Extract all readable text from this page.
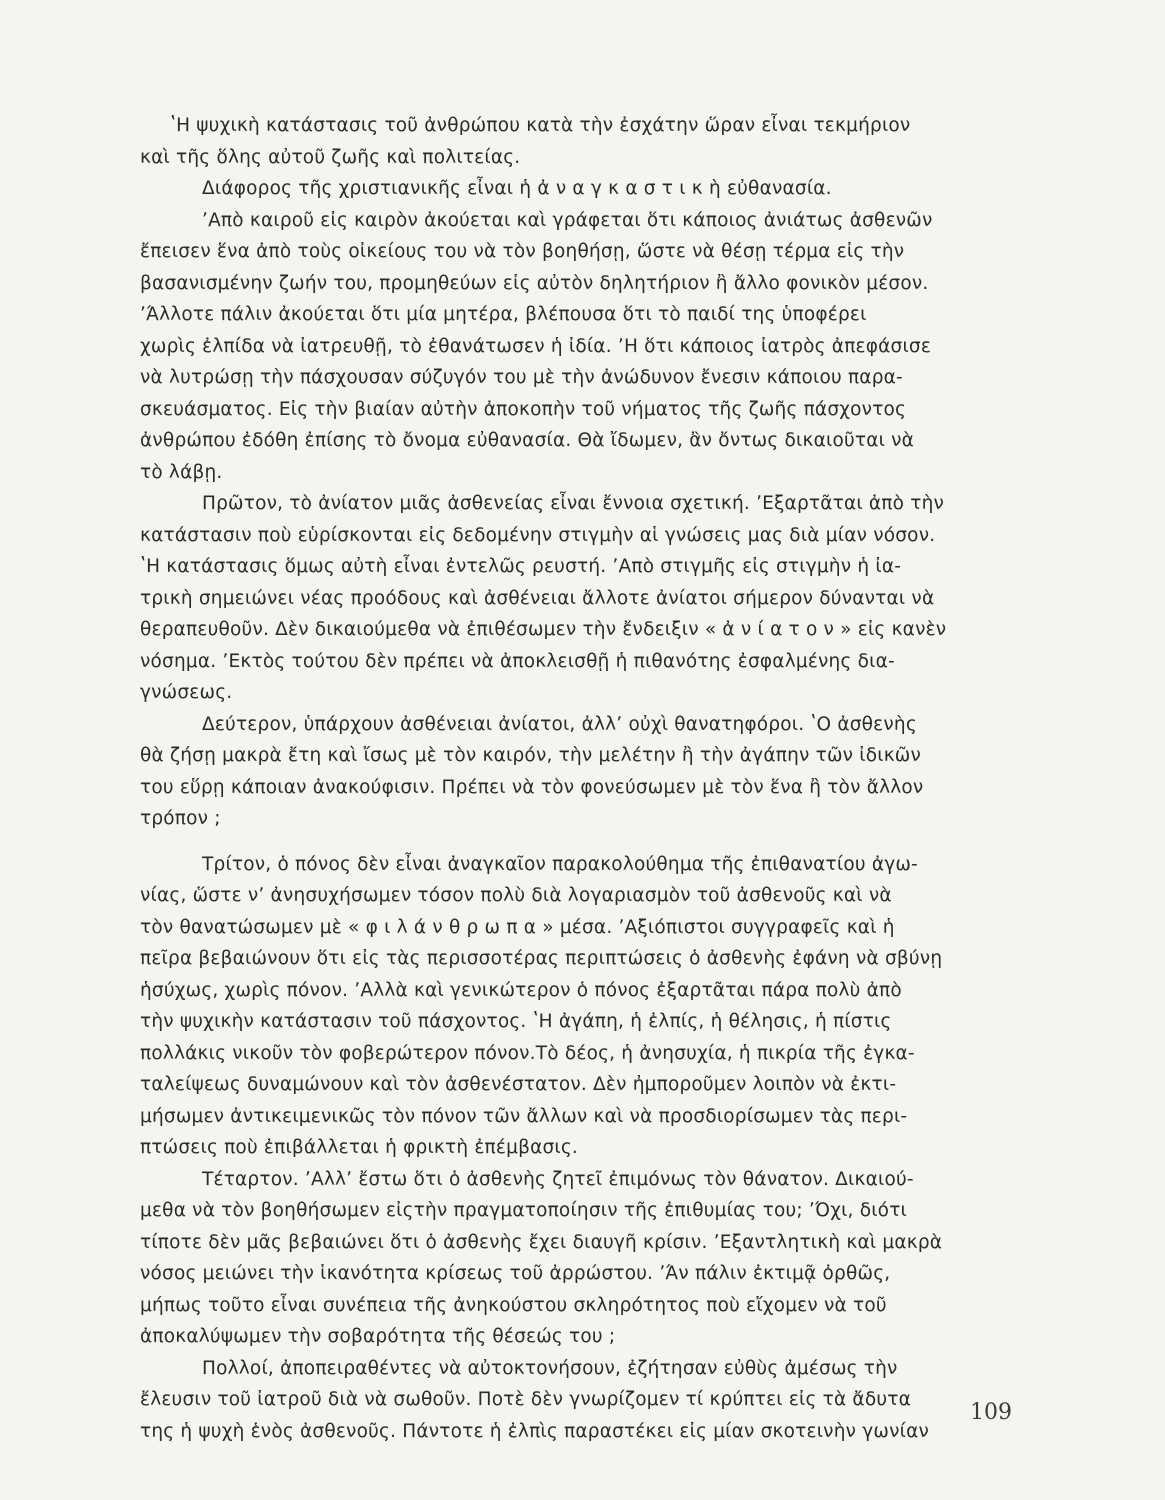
ʽΗ ψυχικὴ κατάστασις τοῦ ἀνθρώπου κατὰ τὴν ἐσχάτην ὥραν εἶναι τεκμήριον
καὶ τῆς ὅλης αὐτοῦ ζωῆς καὶ πολιτείας.
Διάφορος τῆς χριστιανικῆς εἶναι ἡ ἀ ν α γ κ α σ τ ι κ ὴ εὐθανασία.
ʼΑπὸ καιροῦ εἰς καιρὸν ἀκούεται καὶ γράφεται ὅτι κάποιος ἀνιάτως ἀσθενῶν
ἔπεισεν ἕνα ἀπὸ τοὺς οἰκείους του νὰ τὸν βοηθήσῃ, ὥστε νὰ θέσῃ τέρμα εἰς τὴν
βασανισμένην ζωήν του, προμηθεύων εἰς αὐτὸν δηλητήριον ἢ ἄλλο φονικὸν μέσον.
ʼΆλλοτε πάλιν ἀκούεται ὅτι μία μητέρα, βλέπουσα ὅτι τὸ παιδί της ὑποφέρει
χωρὶς ἐλπίδα νὰ ἰατρευθῇ, τὸ ἐθανάτωσεν ἡ ἰδία. ʼΗ ὅτι κάποιος ἰατρὸς ἀπεφάσισε
νὰ λυτρώσῃ τὴν πάσχουσαν σύζυγόν του μὲ τὴν ἀνώδυνον ἔνεσιν κάποιου παρα-
σκευάσματος. Εἰς τὴν βιαίαν αὐτὴν ἀποκοπὴν τοῦ νήματος τῆς ζωῆς πάσχοντος
ἀνθρώπου ἐδόθη ἐπίσης τὸ ὄνομα εὐθανασία. Θὰ ἴδωμεν, ἂν ὄντως δικαιοῦται νὰ
τὸ λάβῃ.
Πρῶτον, τὸ ἀνίατον μιᾶς ἀσθενείας εἶναι ἔννοια σχετική. ʼΕξαρτᾶται ἀπὸ τὴν
κατάστασιν ποὺ εὑρίσκονται εἰς δεδομένην στιγμὴν αἱ γνώσεις μας διὰ μίαν νόσον.
ʽΗ κατάστασις ὅμως αὐτὴ εἶναι ἐντελῶς ρευστή. ʼΑπὸ στιγμῆς εἰς στιγμὴν ἡ ἰα-
τρικὴ σημειώνει νέας προόδους καὶ ἀσθένειαι ἄλλοτε ἀνίατοι σήμερον δύνανται νὰ
θεραπευθοῦν. Δὲν δικαιούμεθα νὰ ἐπιθέσωμεν τὴν ἔνδειξιν « ἀ ν ί α τ ο ν » εἰς κανὲν
νόσημα. ʼΕκτὸς τούτου δὲν πρέπει νὰ ἀποκλεισθῇ ἡ πιθανότης ἐσφαλμένης δια-
γνώσεως.
Δεύτερον, ὑπάρχουν ἀσθένειαι ἀνίατοι, ἀλλʼ οὐχὶ θανατηφόροι. ʽΟ ἀσθενὴς
θὰ ζήσῃ μακρὰ ἔτη καὶ ἴσως μὲ τὸν καιρόν, τὴν μελέτην ἢ τὴν ἀγάπην τῶν ἰδικῶν
του εὕρῃ κάποιαν ἀνακούφισιν. Πρέπει νὰ τὸν φονεύσωμεν μὲ τὸν ἕνα ἢ τὸν ἄλλον
τρόπον ;
Τρίτον, ὁ πόνος δὲν εἶναι ἀναγκαῖον παρακολούθημα τῆς ἐπιθανατίου ἀγω-
νίας, ὥστε νʼ ἀνησυχήσωμεν τόσον πολὺ διὰ λογαριασμὸν τοῦ ἀσθενοῦς καὶ νὰ
τὸν θανατώσωμεν μὲ « φ ι λ ά ν θ ρ ω π α » μέσα. ʼΑξιόπιστοι συγγραφεῖς καὶ ἡ
πεῖρα βεβαιώνουν ὅτι εἰς τὰς περισσοτέρας περιπτώσεις ὁ ἀσθενὴς ἐφάνη νὰ σβύνῃ
ἡσύχως, χωρὶς πόνον. ʼΑλλὰ καὶ γενικώτερον ὁ πόνος ἐξαρτᾶται πάρα πολὺ ἀπὸ
τὴν ψυχικὴν κατάστασιν τοῦ πάσχοντος. ʽΗ ἀγάπη, ἡ ἐλπίς, ἡ θέλησις, ἡ πίστις
πολλάκις νικοῦν τὸν φοβερώτερον πόνον.Τὸ δέος, ἡ ἀνησυχία, ἡ πικρία τῆς ἐγκα-
ταλείψεως δυναμώνουν καὶ τὸν ἀσθενέστατον. Δὲν ἠμποροῦμεν λοιπὸν νὰ ἐκτι-
μήσωμεν ἀντικειμενικῶς τὸν πόνον τῶν ἄλλων καὶ νὰ προσδιορίσωμεν τὰς περι-
πτώσεις ποὺ ἐπιβάλλεται ἡ φρικτὴ ἐπέμβασις.
Τέταρτον. ʼΑλλʼ ἔστω ὅτι ὁ ἀσθενὴς ζητεῖ ἐπιμόνως τὸν θάνατον. Δικαιού-
μεθα νὰ τὸν βοηθήσωμεν εἰςτὴν πραγματοποίησιν τῆς ἐπιθυμίας του; ʼΌχι, διότι
τίποτε δὲν μᾶς βεβαιώνει ὅτι ὁ ἀσθενὴς ἔχει διαυγῆ κρίσιν. ʼΕξαντλητικὴ καὶ μακρὰ
νόσος μειώνει τὴν ἱκανότητα κρίσεως τοῦ ἀρρώστου. ʼΆν πάλιν ἐκτιμᾷ ὀρθῶς,
μήπως τοῦτο εἶναι συνέπεια τῆς ἀνηκούστου σκληρότητος ποὺ εἴχομεν νὰ τοῦ
ἀποκαλύψωμεν τὴν σοβαρότητα τῆς θέσεώς του ;
Πολλοί, ἀποπειραθέντες νὰ αὐτοκτονήσουν, ἐζήτησαν εὐθὺς ἀμέσως τὴν
ἔλευσιν τοῦ ἰατροῦ διὰ νὰ σωθοῦν. Ποτὲ δὲν γνωρίζομεν τί κρύπτει εἰς τὰ ἄδυτα
της ἡ ψυχὴ ἑνὸς ἀσθενοῦς. Πάντοτε ἡ ἐλπὶς παραστέκει εἰς μίαν σκοτεινὴν γωνίαν
109
